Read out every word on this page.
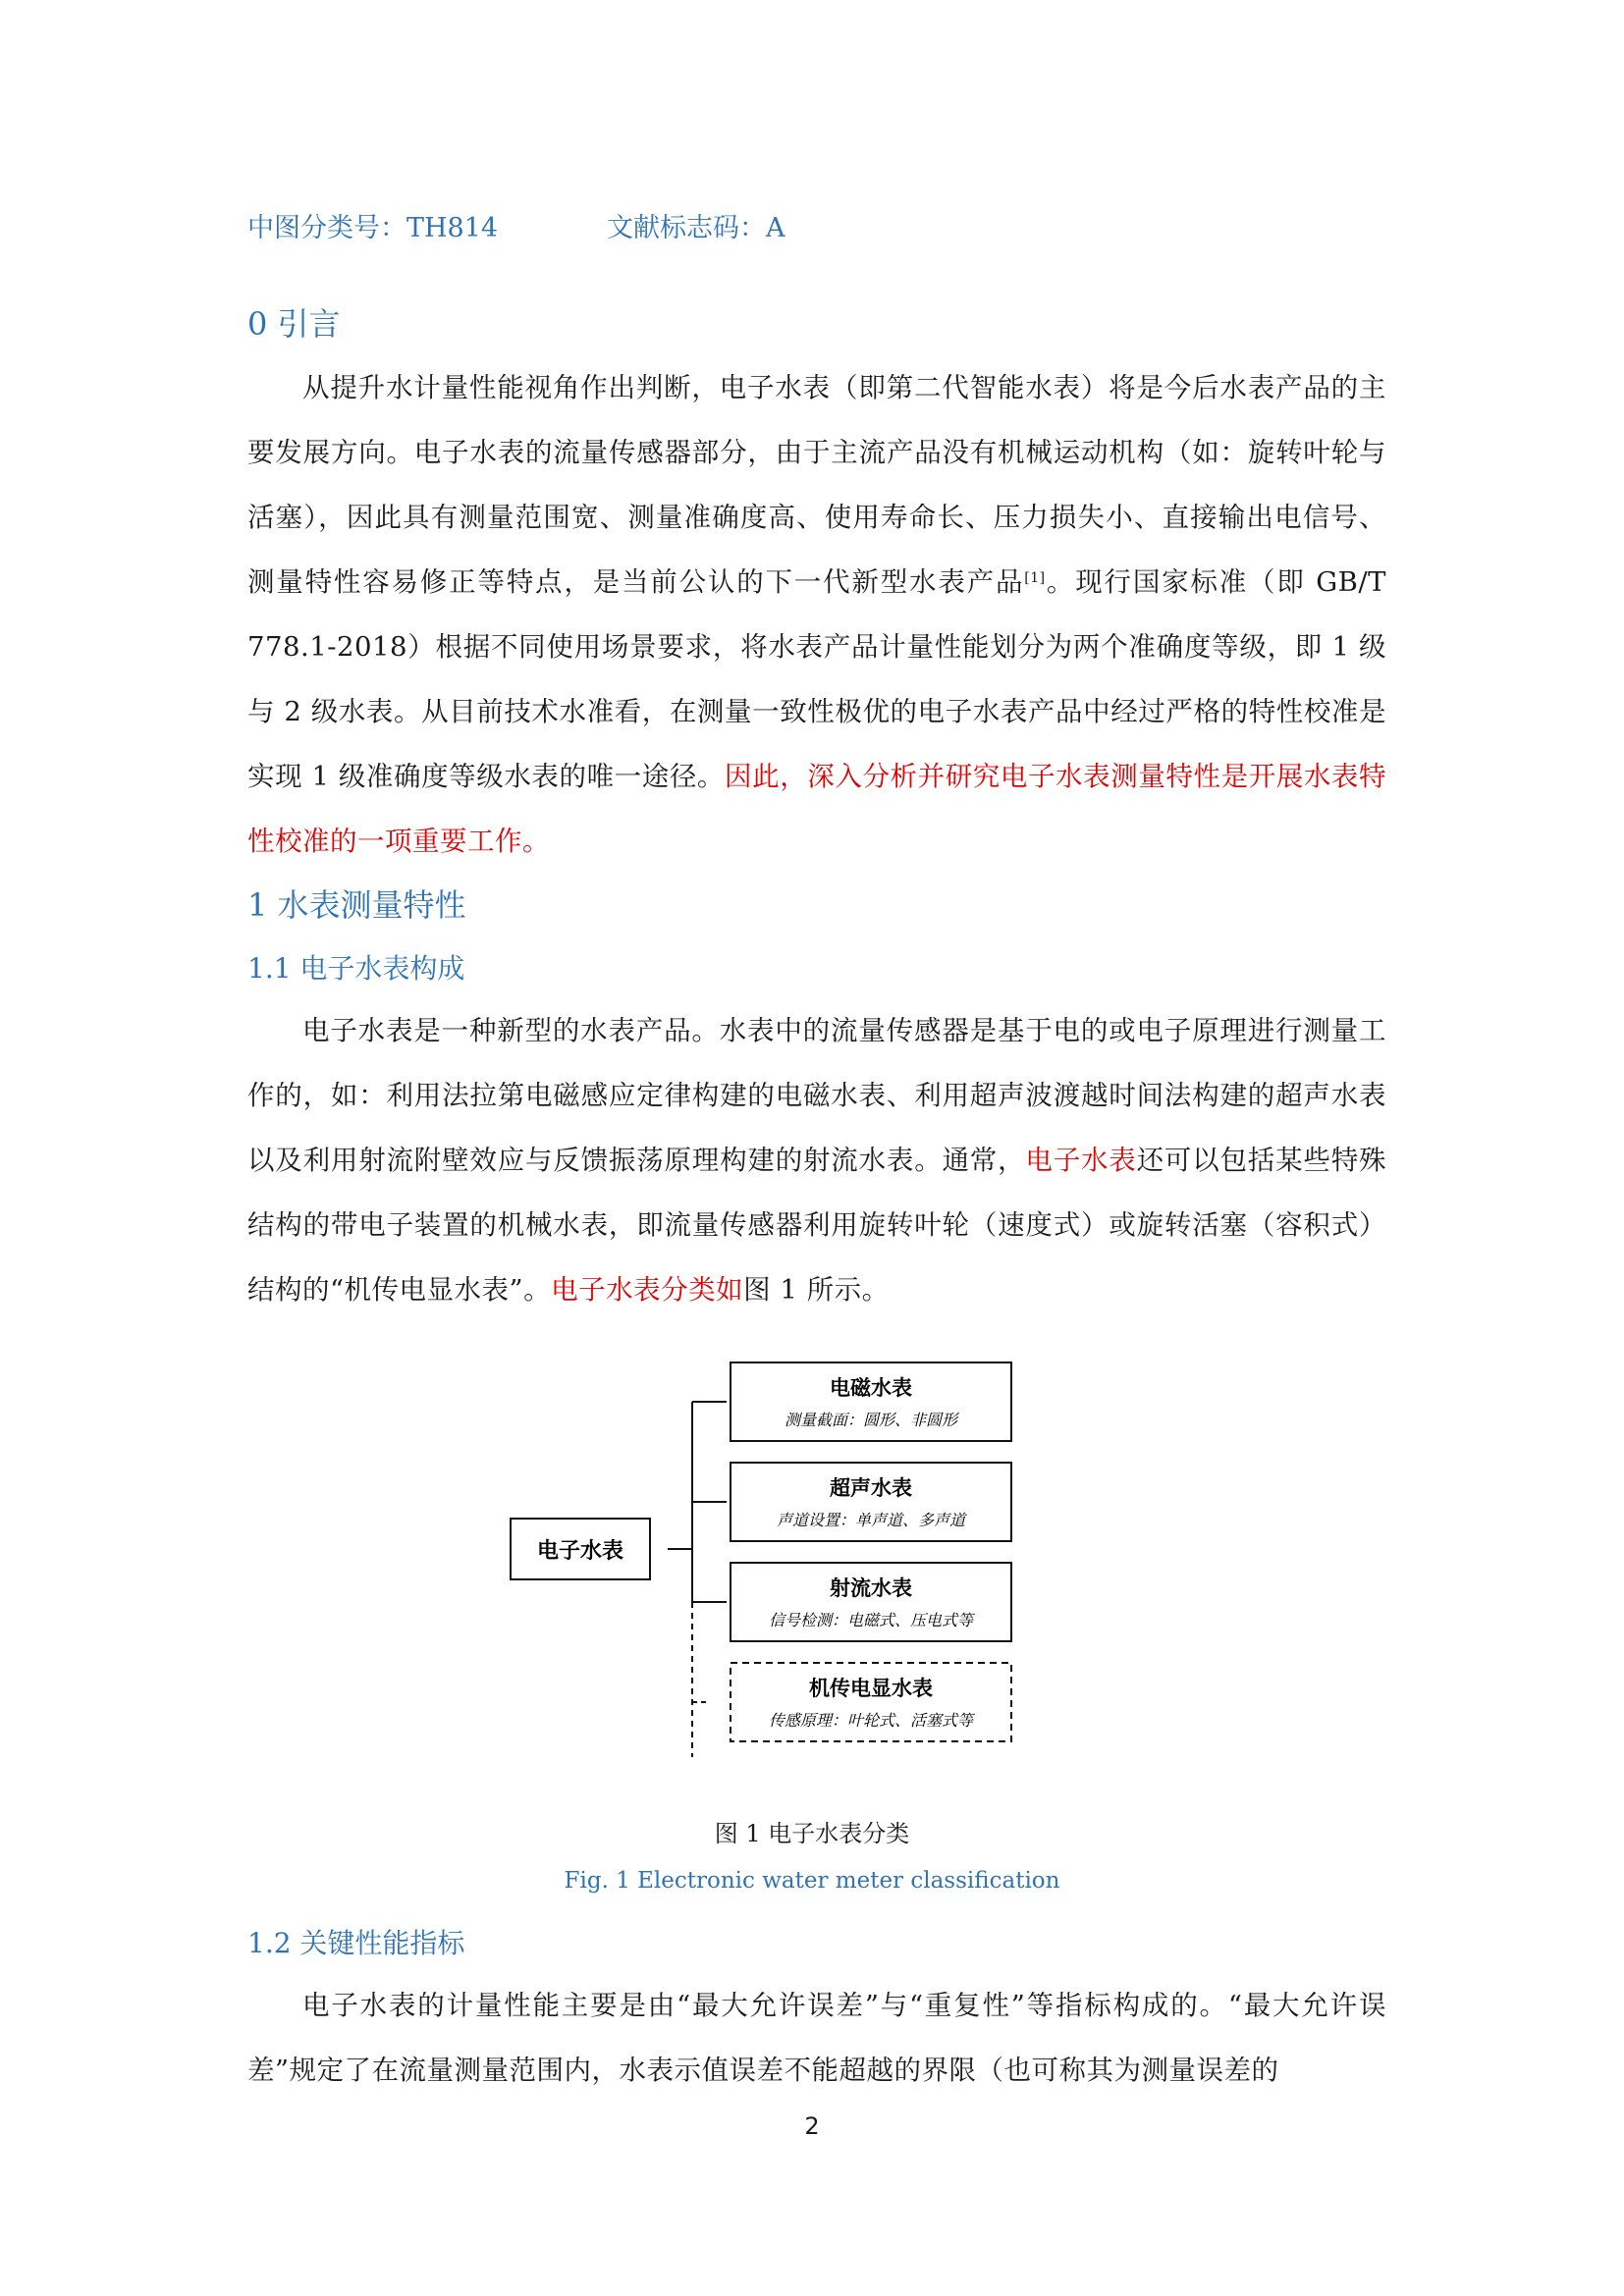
中图分类号：TH814	文献标志码：A
0 引言
从提升水计量性能视角作出判断，电子水表（即第二代智能水表）将是今后水表产品的主要发展方向。电子水表的流量传感器部分，由于主流产品没有机械运动机构（如：旋转叶轮与活塞），因此具有测量范围宽、测量准确度高、使用寿命长、压力损失小、直接输出电信号、测量特性容易修正等特点，是当前公认的下一代新型水表产品[1]。现行国家标准（即 GB/T 778.1-2018）根据不同使用场景要求，将水表产品计量性能划分为两个准确度等级，即 1 级与 2 级水表。从目前技术水准看，在测量一致性极优的电子水表产品中经过严格的特性校准是实现 1 级准确度等级水表的唯一途径。因此，深入分析并研究电子水表测量特性是开展水表特性校准的一项重要工作。
1 水表测量特性
1.1 电子水表构成
电子水表是一种新型的水表产品。水表中的流量传感器是基于电的或电子原理进行测量工作的，如：利用法拉第电磁感应定律构建的电磁水表、利用超声波渡越时间法构建的超声水表以及利用射流附壁效应与反馈振荡原理构建的射流水表。通常，电子水表还可以包括某些特殊结构的带电子装置的机械水表，即流量传感器利用旋转叶轮（速度式）或旋转活塞（容积式）结构的“机传电显水表”。电子水表分类如图 1 所示。
电子水表
电磁水表
测量截面：圆形、非圆形
超声水表
声道设置：单声道、多声道
射流水表
信号检测：电磁式、压电式等
机传电显水表
传感原理：叶轮式、活塞式等
图 1 电子水表分类
Fig. 1 Electronic water meter classification
1.2 关键性能指标
电子水表的计量性能主要是由“最大允许误差”与“重复性”等指标构成的。“最大允许误差”规定了在流量测量范围内，水表示值误差不能超越的界限（也可称其为测量误差的
2
